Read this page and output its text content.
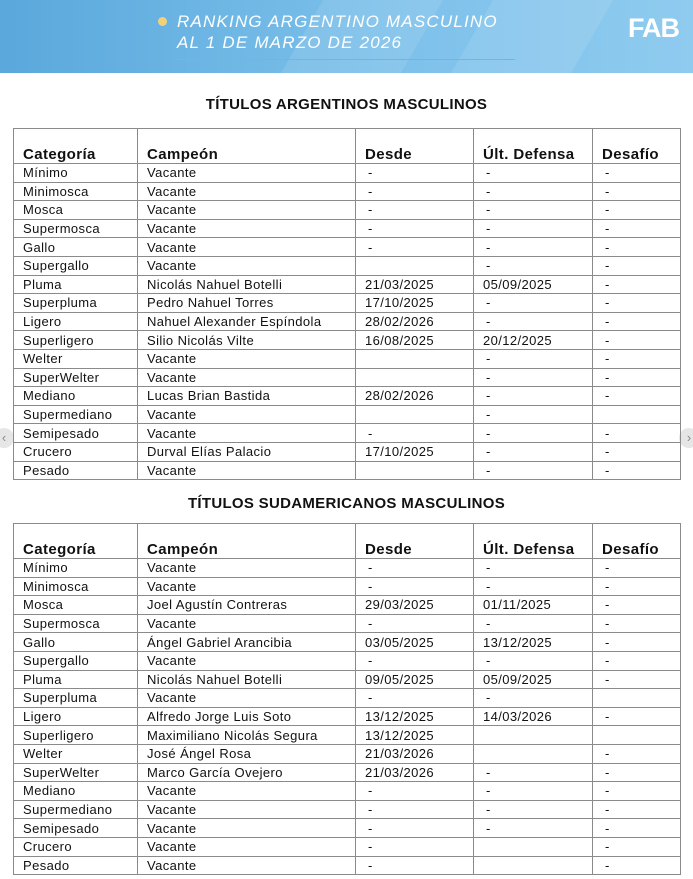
RANKING ARGENTINO MASCULINO
AL 1 DE MARZO DE 2026	FAB
‹	›
TÍTULOS ARGENTINOS MASCULINOS
Categoría	Campeón	Desde	Últ. Defensa	Desafío
Mínimo	Vacante	-	-	-
Minimosca	Vacante	-	-	-
Mosca	Vacante	-	-	-
Supermosca	Vacante	-	-	-
Gallo	Vacante	-	-	-
Supergallo	Vacante		-	-
Pluma	Nicolás Nahuel Botelli	21/03/2025	05/09/2025	-
Superpluma	Pedro Nahuel Torres	17/10/2025	-	-
Ligero	Nahuel Alexander Espíndola	28/02/2026	-	-
Superligero	Silio Nicolás Vilte	16/08/2025	20/12/2025	-
Welter	Vacante		-	-
SuperWelter	Vacante		-	-
Mediano	Lucas Brian Bastida	28/02/2026	-	-
Supermediano	Vacante		-	
Semipesado	Vacante	-	-	-
Crucero	Durval Elías Palacio	17/10/2025	-	-
Pesado	Vacante		-	-
TÍTULOS SUDAMERICANOS MASCULINOS
Categoría	Campeón	Desde	Últ. Defensa	Desafío
Mínimo	Vacante	-	-	-
Minimosca	Vacante	-	-	-
Mosca	Joel Agustín Contreras	29/03/2025	01/11/2025	-
Supermosca	Vacante	-	-	-
Gallo	Ángel Gabriel Arancibia	03/05/2025	13/12/2025	-
Supergallo	Vacante	-	-	-
Pluma	Nicolás Nahuel Botelli	09/05/2025	05/09/2025	-
Superpluma	Vacante	-	-	
Ligero	Alfredo Jorge Luis Soto	13/12/2025	14/03/2026	-
Superligero	Maximiliano Nicolás Segura	13/12/2025		
Welter	José Ángel Rosa	21/03/2026		-
SuperWelter	Marco García Ovejero	21/03/2026	-	-
Mediano	Vacante	-	-	-
Supermediano	Vacante	-	-	-
Semipesado	Vacante	-	-	-
Crucero	Vacante	-		-
Pesado	Vacante	-		-
